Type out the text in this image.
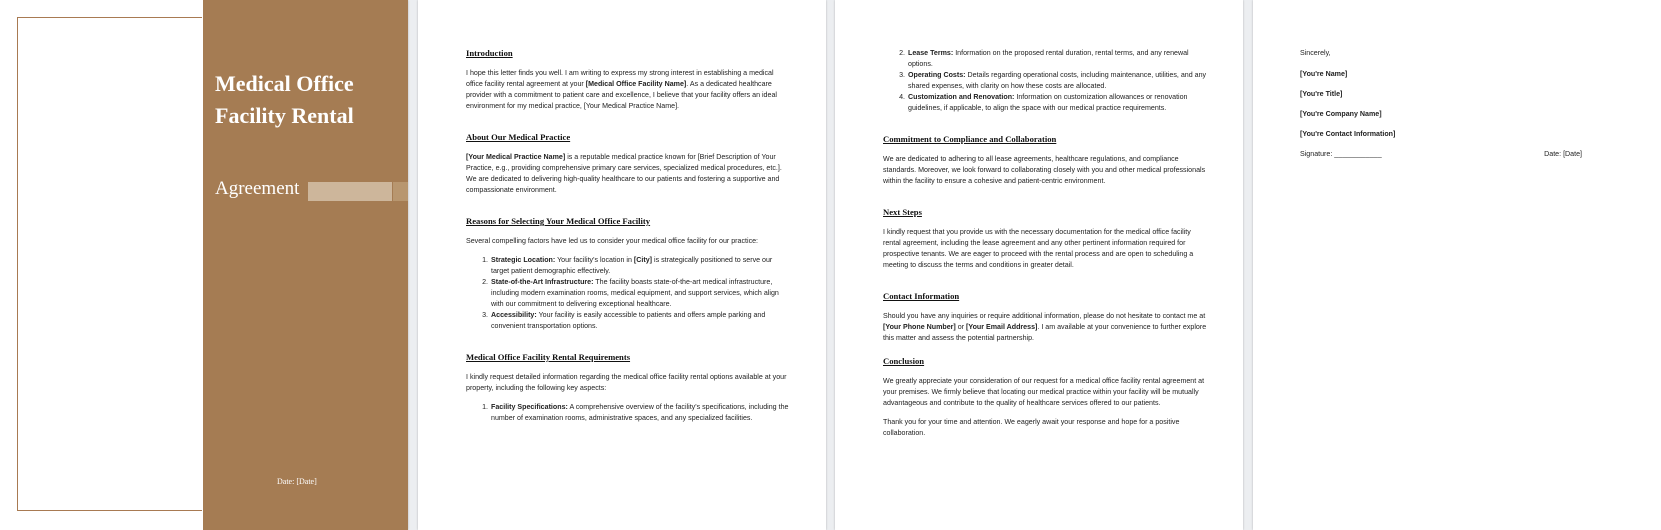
Medical Office
Facility Rental
Agreement
Date: [Date]
Introduction
I hope this letter finds you well. I am writing to express my strong interest in establishing a medical office facility rental agreement at your [Medical Office Facility Name]. As a dedicated healthcare provider with a commitment to patient care and excellence, I believe that your facility offers an ideal environment for my medical practice, [Your Medical Practice Name].
About Our Medical Practice
[Your Medical Practice Name] is a reputable medical practice known for [Brief Description of Your Practice, e.g., providing comprehensive primary care services, specialized medical procedures, etc.]. We are dedicated to delivering high-quality healthcare to our patients and fostering a supportive and compassionate environment.
Reasons for Selecting Your Medical Office Facility
Several compelling factors have led us to consider your medical office facility for our practice:
1. Strategic Location: Your facility's location in [City] is strategically positioned to serve our target patient demographic effectively.
2. State-of-the-Art Infrastructure: The facility boasts state-of-the-art medical infrastructure, including modern examination rooms, medical equipment, and support services, which align with our commitment to delivering exceptional healthcare.
3. Accessibility: Your facility is easily accessible to patients and offers ample parking and convenient transportation options.
Medical Office Facility Rental Requirements
I kindly request detailed information regarding the medical office facility rental options available at your property, including the following key aspects:
1. Facility Specifications: A comprehensive overview of the facility's specifications, including the number of examination rooms, administrative spaces, and any specialized facilities.
2. Lease Terms: Information on the proposed rental duration, rental terms, and any renewal options.
3. Operating Costs: Details regarding operational costs, including maintenance, utilities, and any shared expenses, with clarity on how these costs are allocated.
4. Customization and Renovation: Information on customization allowances or renovation guidelines, if applicable, to align the space with our medical practice requirements.
Commitment to Compliance and Collaboration
We are dedicated to adhering to all lease agreements, healthcare regulations, and compliance standards. Moreover, we look forward to collaborating closely with you and other medical professionals within the facility to ensure a cohesive and patient-centric environment.
Next Steps
I kindly request that you provide us with the necessary documentation for the medical office facility rental agreement, including the lease agreement and any other pertinent information required for prospective tenants. We are eager to proceed with the rental process and are open to scheduling a meeting to discuss the terms and conditions in greater detail.
Contact Information
Should you have any inquiries or require additional information, please do not hesitate to contact me at [Your Phone Number] or [Your Email Address]. I am available at your convenience to further explore this matter and assess the potential partnership.
Conclusion
We greatly appreciate your consideration of our request for a medical office facility rental agreement at your premises. We firmly believe that locating our medical practice within your facility will be mutually advantageous and contribute to the quality of healthcare services offered to our patients.
Thank you for your time and attention. We eagerly await your response and hope for a positive collaboration.
Sincerely,
[You're Name]
[You're Title]
[You're Company Name]
[You're Contact Information]
Signature: ____________	Date: [Date]
